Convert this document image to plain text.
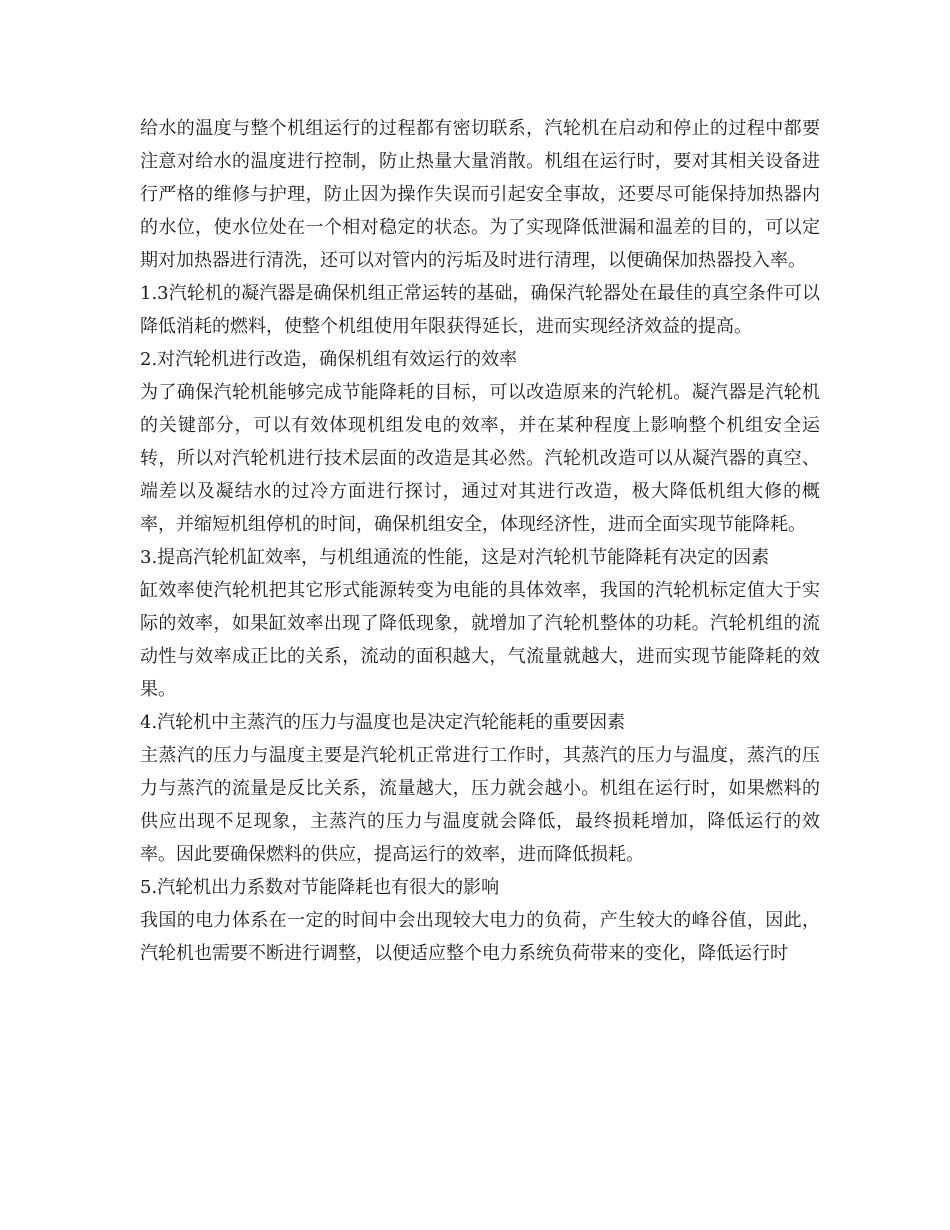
给水的温度与整个机组运行的过程都有密切联系，汽轮机在启动和停止的过程中都要注意对给水的温度进行控制，防止热量大量消散。机组在运行时，要对其相关设备进行严格的维修与护理，防止因为操作失误而引起安全事故，还要尽可能保持加热器内的水位，使水位处在一个相对稳定的状态。为了实现降低泄漏和温差的目的，可以定期对加热器进行清洗，还可以对管内的污垢及时进行清理，以便确保加热器投入率。

1.3汽轮机的凝汽器是确保机组正常运转的基础，确保汽轮器处在最佳的真空条件可以降低消耗的燃料，使整个机组使用年限获得延长，进而实现经济效益的提高。

2.对汽轮机进行改造，确保机组有效运行的效率

为了确保汽轮机能够完成节能降耗的目标，可以改造原来的汽轮机。凝汽器是汽轮机的关键部分，可以有效体现机组发电的效率，并在某种程度上影响整个机组安全运转，所以对汽轮机进行技术层面的改造是其必然。汽轮机改造可以从凝汽器的真空、端差以及凝结水的过冷方面进行探讨，通过对其进行改造，极大降低机组大修的概率，并缩短机组停机的时间，确保机组安全，体现经济性，进而全面实现节能降耗。

3.提高汽轮机缸效率，与机组通流的性能，这是对汽轮机节能降耗有决定的因素

缸效率使汽轮机把其它形式能源转变为电能的具体效率，我国的汽轮机标定值大于实际的效率，如果缸效率出现了降低现象，就增加了汽轮机整体的功耗。汽轮机组的流动性与效率成正比的关系，流动的面积越大，气流量就越大，进而实现节能降耗的效果。

4.汽轮机中主蒸汽的压力与温度也是决定汽轮能耗的重要因素

主蒸汽的压力与温度主要是汽轮机正常进行工作时，其蒸汽的压力与温度，蒸汽的压力与蒸汽的流量是反比关系，流量越大，压力就会越小。机组在运行时，如果燃料的供应出现不足现象，主蒸汽的压力与温度就会降低，最终损耗增加，降低运行的效率。因此要确保燃料的供应，提高运行的效率，进而降低损耗。

5.汽轮机出力系数对节能降耗也有很大的影响

我国的电力体系在一定的时间中会出现较大电力的负荷，产生较大的峰谷值，因此，汽轮机也需要不断进行调整，以便适应整个电力系统负荷带来的变化，降低运行时
